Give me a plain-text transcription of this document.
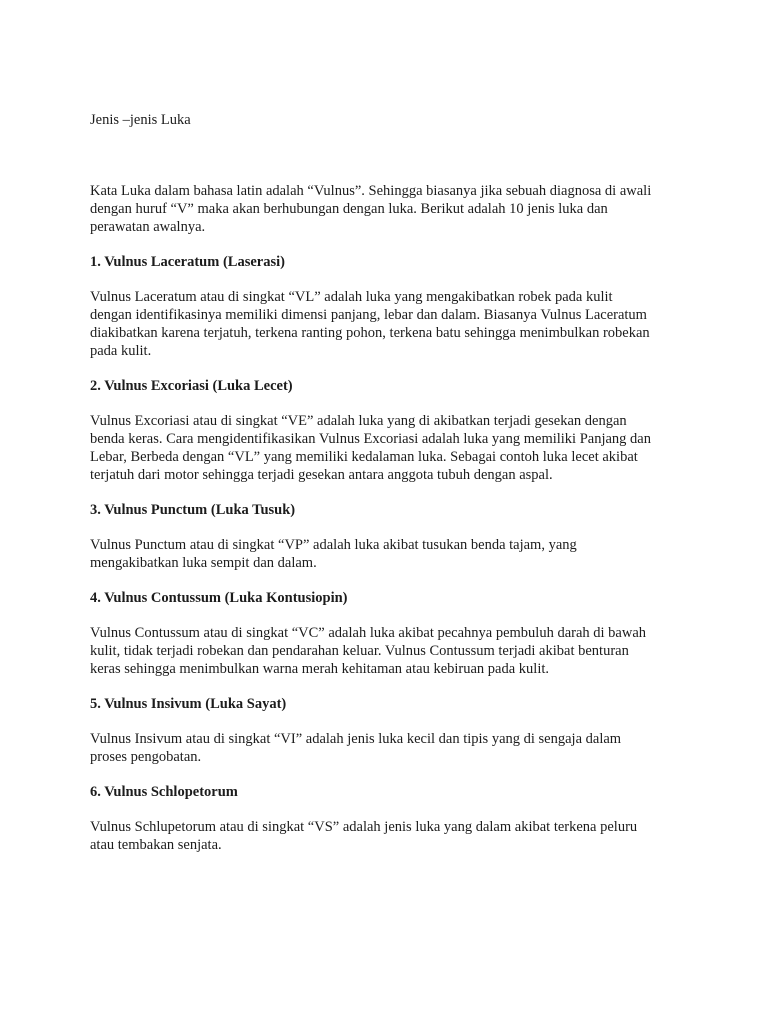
Jenis –jenis Luka

Kata Luka dalam bahasa latin adalah “Vulnus”. Sehingga biasanya jika sebuah diagnosa di awali
dengan huruf “V” maka akan berhubungan dengan luka. Berikut adalah 10 jenis luka dan
perawatan awalnya.

1. Vulnus Laceratum (Laserasi)

Vulnus Laceratum atau di singkat “VL” adalah luka yang mengakibatkan robek pada kulit
dengan identifikasinya memiliki dimensi panjang, lebar dan dalam. Biasanya Vulnus Laceratum
diakibatkan karena terjatuh, terkena ranting pohon, terkena batu sehingga menimbulkan robekan
pada kulit.

2. Vulnus Excoriasi (Luka Lecet)

Vulnus Excoriasi atau di singkat “VE” adalah luka yang di akibatkan terjadi gesekan dengan
benda keras. Cara mengidentifikasikan Vulnus Excoriasi adalah luka yang memiliki Panjang dan
Lebar, Berbeda dengan “VL” yang memiliki kedalaman luka. Sebagai contoh luka lecet akibat
terjatuh dari motor sehingga terjadi gesekan antara anggota tubuh dengan aspal.

3. Vulnus Punctum (Luka Tusuk)

Vulnus Punctum atau di singkat “VP” adalah luka akibat tusukan benda tajam, yang
mengakibatkan luka sempit dan dalam.

4. Vulnus Contussum (Luka Kontusiopin)

Vulnus Contussum atau di singkat “VC” adalah luka akibat pecahnya pembuluh darah di bawah
kulit, tidak terjadi robekan dan pendarahan keluar. Vulnus Contussum terjadi akibat benturan
keras sehingga menimbulkan warna merah kehitaman atau kebiruan pada kulit.

5. Vulnus Insivum (Luka Sayat)

Vulnus Insivum atau di singkat “VI” adalah jenis luka kecil dan tipis yang di sengaja dalam
proses pengobatan.

6. Vulnus Schlopetorum

Vulnus Schlupetorum atau di singkat “VS” adalah jenis luka yang dalam akibat terkena peluru
atau tembakan senjata.
